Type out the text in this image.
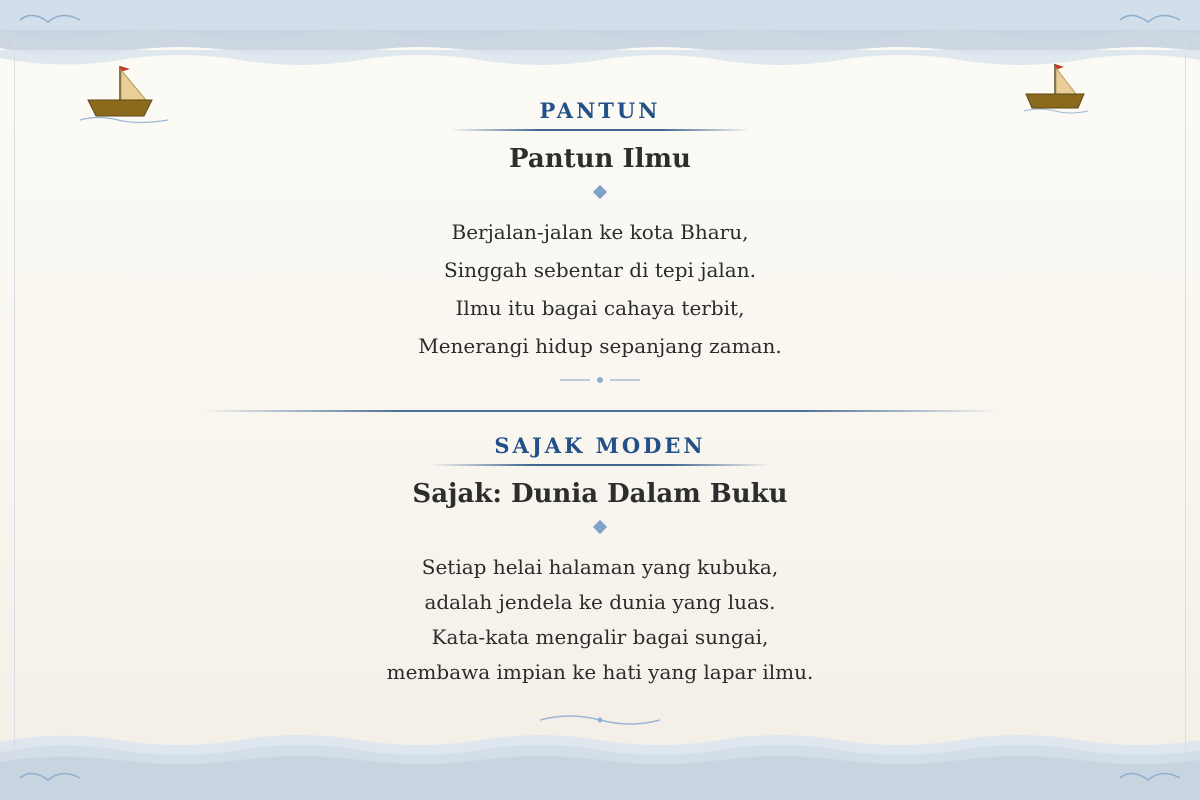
PANTUN
Pantun Ilmu
Berjalan-jalan ke kota Bharu,
Singgah sebentar di tepi jalan.
Ilmu itu bagai cahaya terbit,
Menerangi hidup sepanjang zaman.
SAJAK MODEN
Sajak: Dunia Dalam Buku
Setiap helai halaman yang kubuka,
adalah jendela ke dunia yang luas.
Kata-kata mengalir bagai sungai,
membawa impian ke hati yang lapar ilmu.
